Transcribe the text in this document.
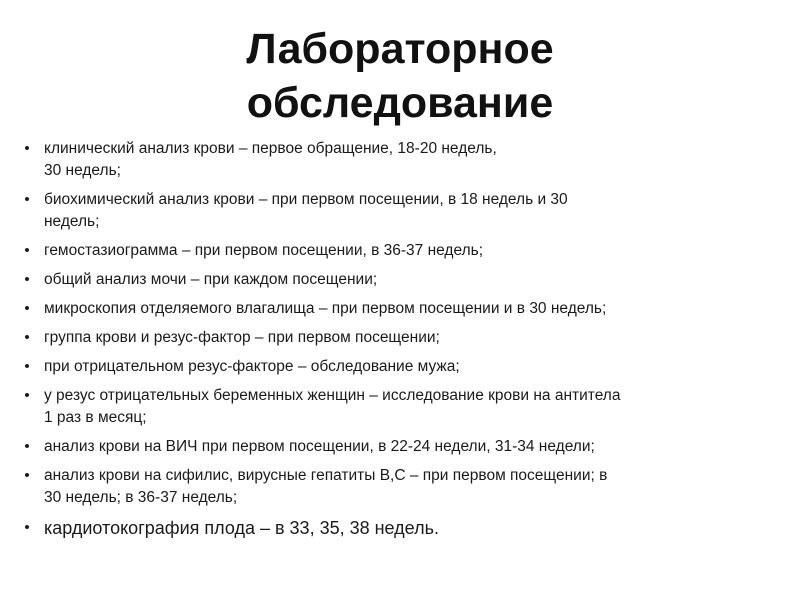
Лабораторное
обследование
• клинический анализ крови – первое обращение, 18-20 недель,
30 недель;
• биохимический анализ крови – при первом посещении, в 18 недель и 30
недель;
• гемостазиограмма – при первом посещении, в 36-37 недель;
• общий анализ мочи – при каждом посещении;
• микроскопия отделяемого влагалища – при первом посещении и в 30 недель;
• группа крови и резус-фактор – при первом посещении;
• при отрицательном резус-факторе – обследование мужа;
• у резус отрицательных беременных женщин – исследование крови на антитела
1 раз в месяц;
• анализ крови на ВИЧ при первом посещении, в 22-24 недели, 31-34 недели;
• анализ крови на сифилис, вирусные гепатиты В,С – при первом посещении; в
30 недель; в 36-37 недель;
• кардиотокография плода – в 33, 35, 38 недель.
